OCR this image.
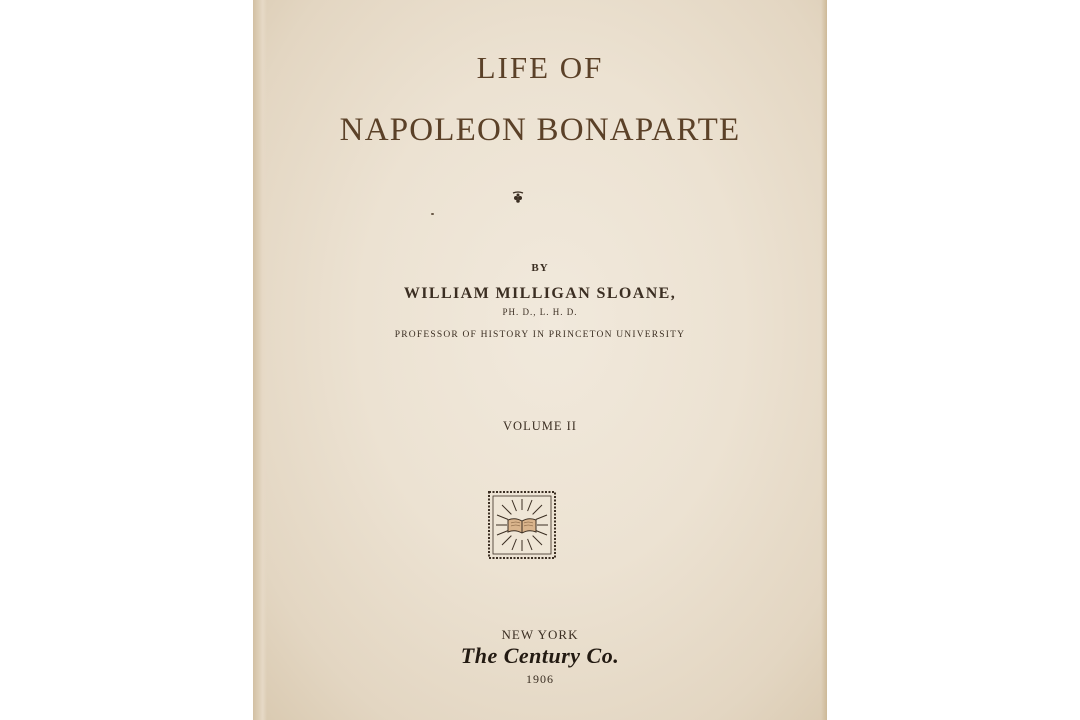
LIFE OF
NAPOLEON BONAPARTE
BY
WILLIAM MILLIGAN SLOANE,
PH. D., L. H. D.
PROFESSOR OF HISTORY IN PRINCETON UNIVERSITY
VOLUME II
NEW YORK
The Century Co.
1906
